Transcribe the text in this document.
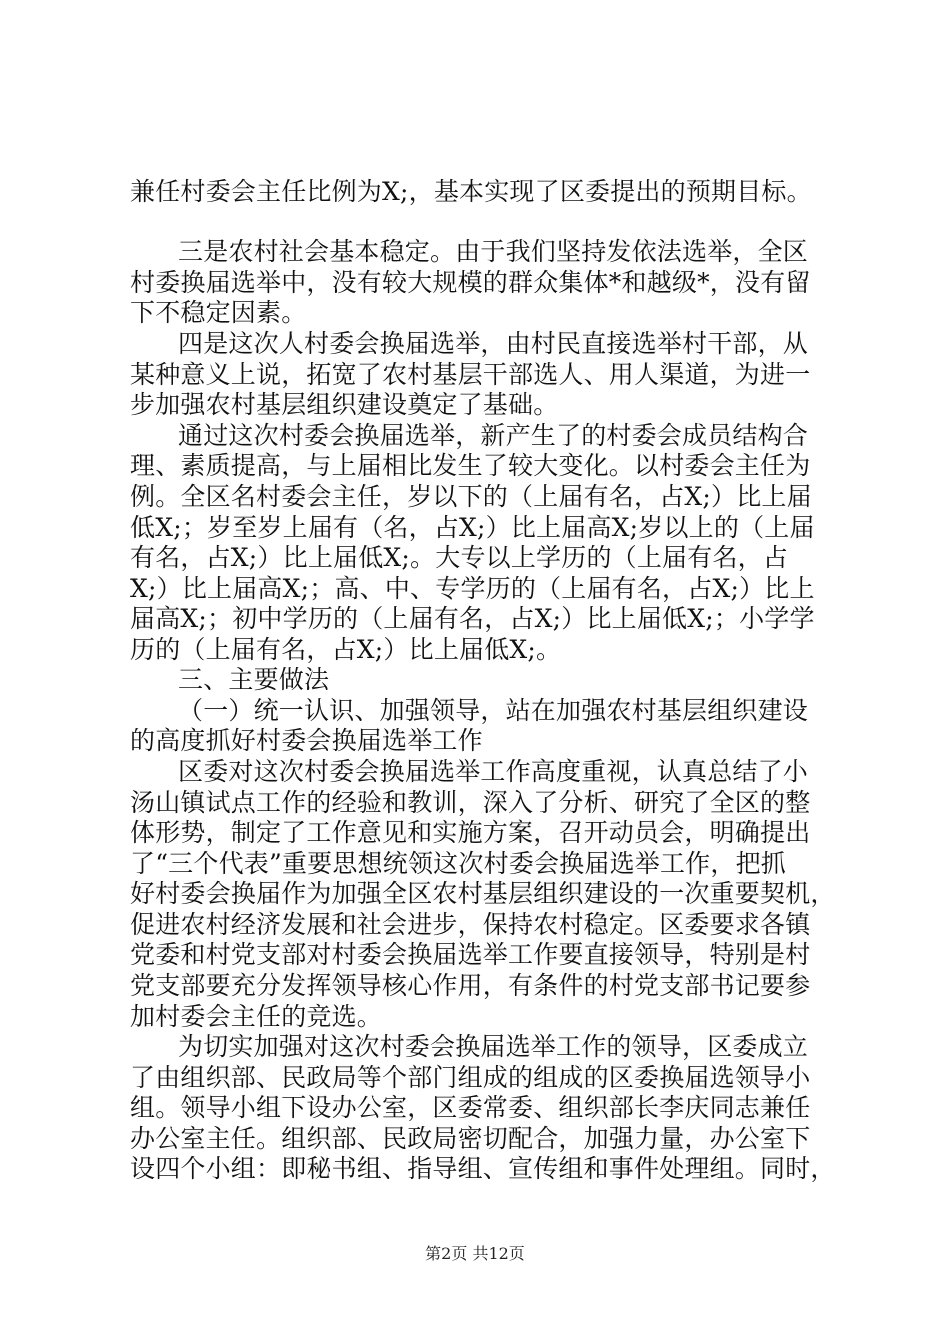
兼任村委会主任比例为X;，基本实现了区委提出的预期目标。
三是农村社会基本稳定。由于我们坚持发依法选举，全区
村委换届选举中，没有较大规模的群众集体*和越级*，没有留
下不稳定因素。
四是这次人村委会换届选举，由村民直接选举村干部，从
某种意义上说，拓宽了农村基层干部选人、用人渠道，为进一
步加强农村基层组织建设奠定了基础。
通过这次村委会换届选举，新产生了的村委会成员结构合
理、素质提高，与上届相比发生了较大变化。以村委会主任为
例。全区名村委会主任，岁以下的（上届有名，占X;）比上届
低X;；岁至岁上届有（名，占X;）比上届高X;岁以上的（上届
有名，占X;）比上届低X;。大专以上学历的（上届有名，占
X;）比上届高X;；高、中、专学历的（上届有名，占X;）比上
届高X;；初中学历的（上届有名，占X;）比上届低X;；小学学
历的（上届有名，占X;）比上届低X;。
三、主要做法
（一）统一认识、加强领导，站在加强农村基层组织建设
的高度抓好村委会换届选举工作
区委对这次村委会换届选举工作高度重视，认真总结了小
汤山镇试点工作的经验和教训，深入了分析、研究了全区的整
体形势，制定了工作意见和实施方案，召开动员会，明确提出
了“三个代表”重要思想统领这次村委会换届选举工作，把抓
好村委会换届作为加强全区农村基层组织建设的一次重要契机，
促进农村经济发展和社会进步，保持农村稳定。区委要求各镇
党委和村党支部对村委会换届选举工作要直接领导，特别是村
党支部要充分发挥领导核心作用，有条件的村党支部书记要参
加村委会主任的竞选。
为切实加强对这次村委会换届选举工作的领导，区委成立
了由组织部、民政局等个部门组成的组成的区委换届选领导小
组。领导小组下设办公室，区委常委、组织部长李庆同志兼任
办公室主任。组织部、民政局密切配合，加强力量，办公室下
设四个小组：即秘书组、指导组、宣传组和事件处理组。同时，
第2页 共12页
